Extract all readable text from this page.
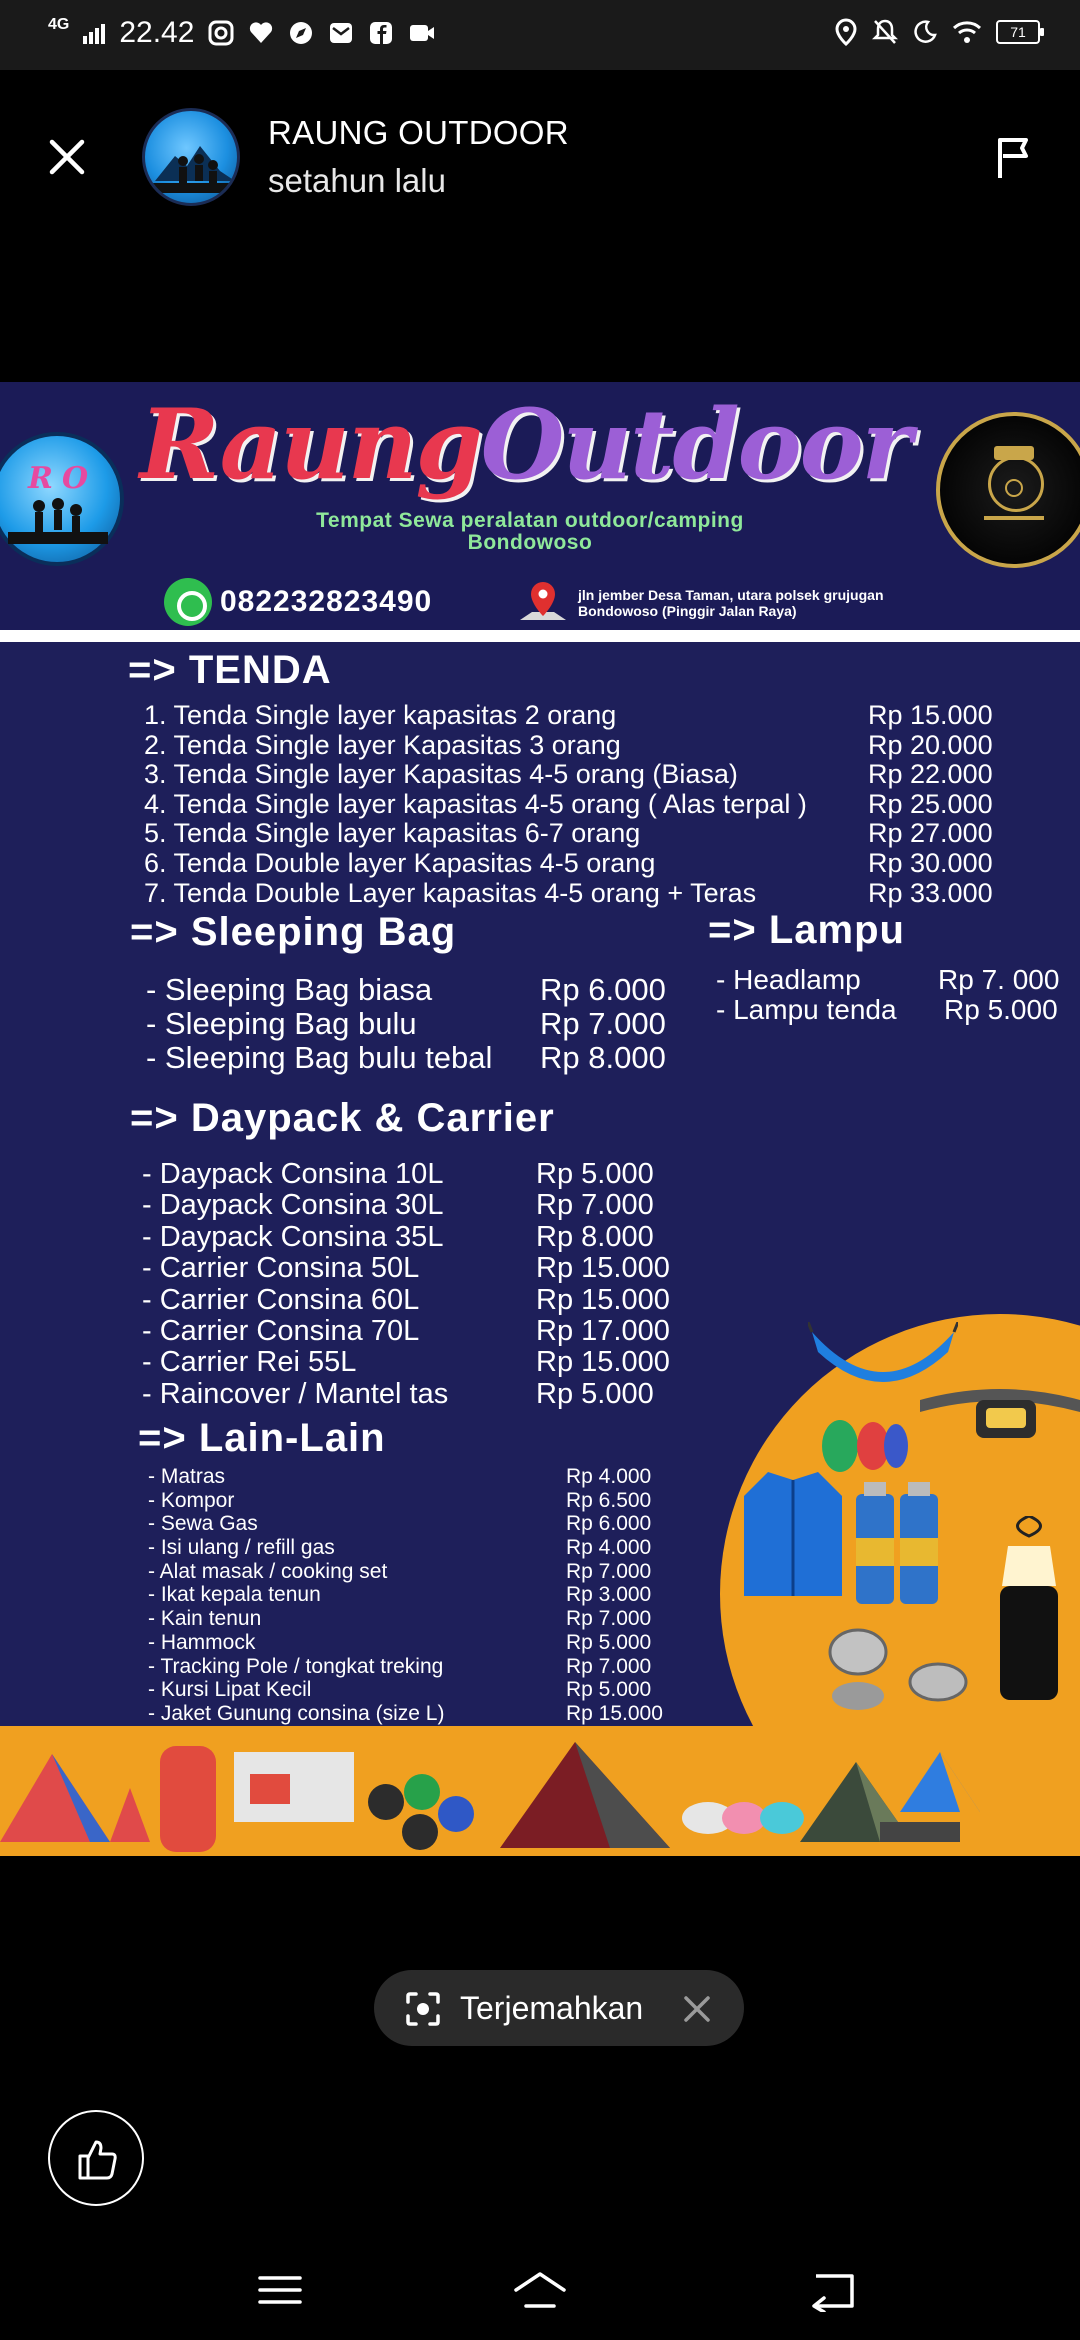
4G 22.42	71
RAUNG OUTDOOR
setahun lalu
R O RaungOutdoor
Tempat Sewa peralatan outdoor/camping
Bondowoso
082232823490	jln jember Desa Taman, utara polsek grujugan
Bondowoso (Pinggir Jalan Raya)
=> TENDA
1. Tenda Single layer kapasitas 2 orang	Rp 15.000
2. Tenda Single layer Kapasitas 3 orang	Rp 20.000
3. Tenda Single layer Kapasitas 4-5 orang (Biasa)	Rp 22.000
4. Tenda Single layer kapasitas 4-5 orang ( Alas terpal ) Rp 25.000
5. Tenda Single layer kapasitas 6-7 orang	Rp 27.000
6. Tenda Double layer Kapasitas 4-5 orang	Rp 30.000
7. Tenda Double Layer kapasitas 4-5 orang + Teras	Rp 33.000
=> Sleeping Bag
- Sleeping Bag biasa	Rp 6.000
- Sleeping Bag bulu	Rp 7.000
- Sleeping Bag bulu tebal Rp 8.000
=> Lampu
- Headlamp	Rp 7. 000
- Lampu tenda Rp 5.000
=> Daypack & Carrier
- Daypack Consina 10L	Rp 5.000
- Daypack Consina 30L	Rp 7.000
- Daypack Consina 35L	Rp 8.000
- Carrier Consina 50L	Rp 15.000
- Carrier Consina 60L	Rp 15.000
- Carrier Consina 70L	Rp 17.000
- Carrier Rei 55L	Rp 15.000
- Raincover / Mantel tas	Rp 5.000
=> Lain-Lain
- Matras	Rp 4.000
- Kompor	Rp 6.500
- Sewa Gas	Rp 6.000
- Isi ulang / refill gas	Rp 4.000
- Alat masak / cooking set	Rp 7.000
- Ikat kepala tenun	Rp 3.000
- Kain tenun	Rp 7.000
- Hammock	Rp 5.000
- Tracking Pole / tongkat treking	Rp 7.000
- Kursi Lipat Kecil	Rp 5.000
- Jaket Gunung consina (size L)	Rp 15.000
Terjemahkan
